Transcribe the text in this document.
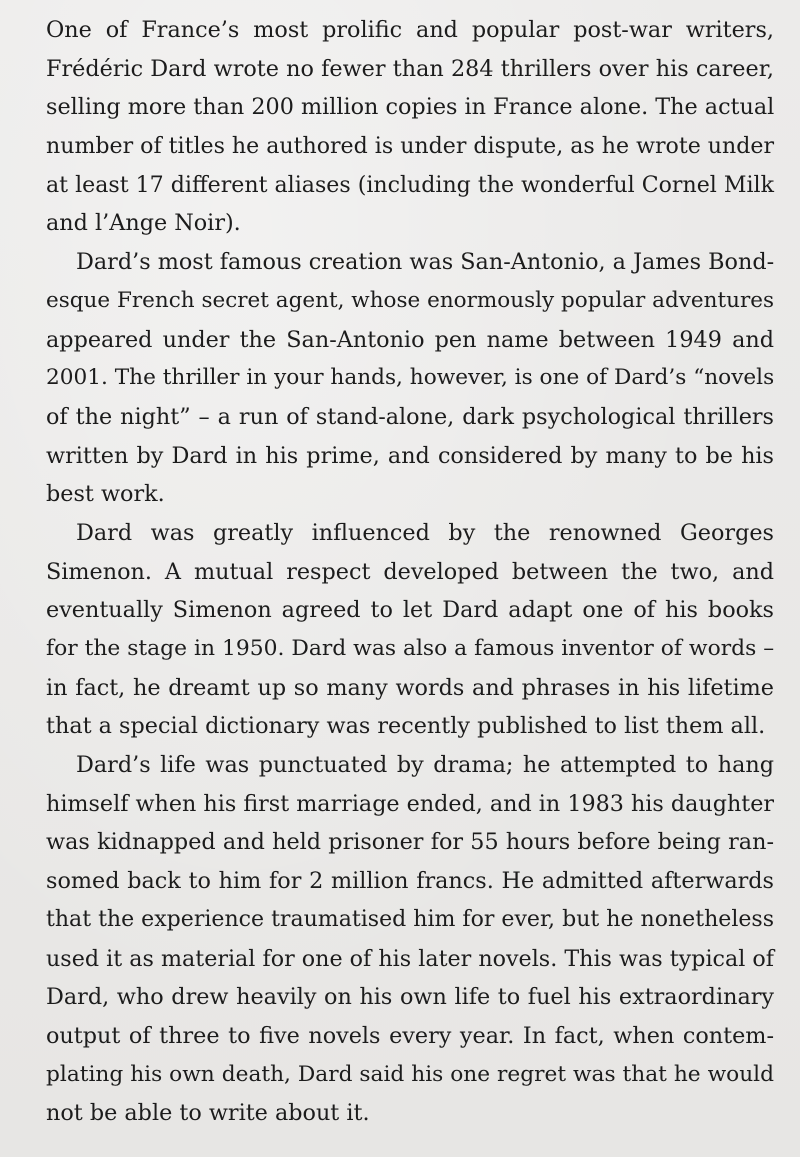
One of France’s most prolific and popular post-war writers,
Frédéric Dard wrote no fewer than 284 thrillers over his career,
selling more than 200 million copies in France alone. The actual
number of titles he authored is under dispute, as he wrote under
at least 17 different aliases (including the wonderful Cornel Milk
and l’Ange Noir).
Dard’s most famous creation was San-Antonio, a James Bond-
esque French secret agent, whose enormously popular adventures
appeared under the San-Antonio pen name between 1949 and
2001. The thriller in your hands, however, is one of Dard’s “novels
of the night” – a run of stand-alone, dark psychological thrillers
written by Dard in his prime, and considered by many to be his
best work.
Dard was greatly influenced by the renowned Georges
Simenon. A mutual respect developed between the two, and
eventually Simenon agreed to let Dard adapt one of his books
for the stage in 1950. Dard was also a famous inventor of words –
in fact, he dreamt up so many words and phrases in his lifetime
that a special dictionary was recently published to list them all.
Dard’s life was punctuated by drama; he attempted to hang
himself when his first marriage ended, and in 1983 his daughter
was kidnapped and held prisoner for 55 hours before being ran-
somed back to him for 2 million francs. He admitted afterwards
that the experience traumatised him for ever, but he nonetheless
used it as material for one of his later novels. This was typical of
Dard, who drew heavily on his own life to fuel his extraordinary
output of three to five novels every year. In fact, when contem-
plating his own death, Dard said his one regret was that he would
not be able to write about it.
